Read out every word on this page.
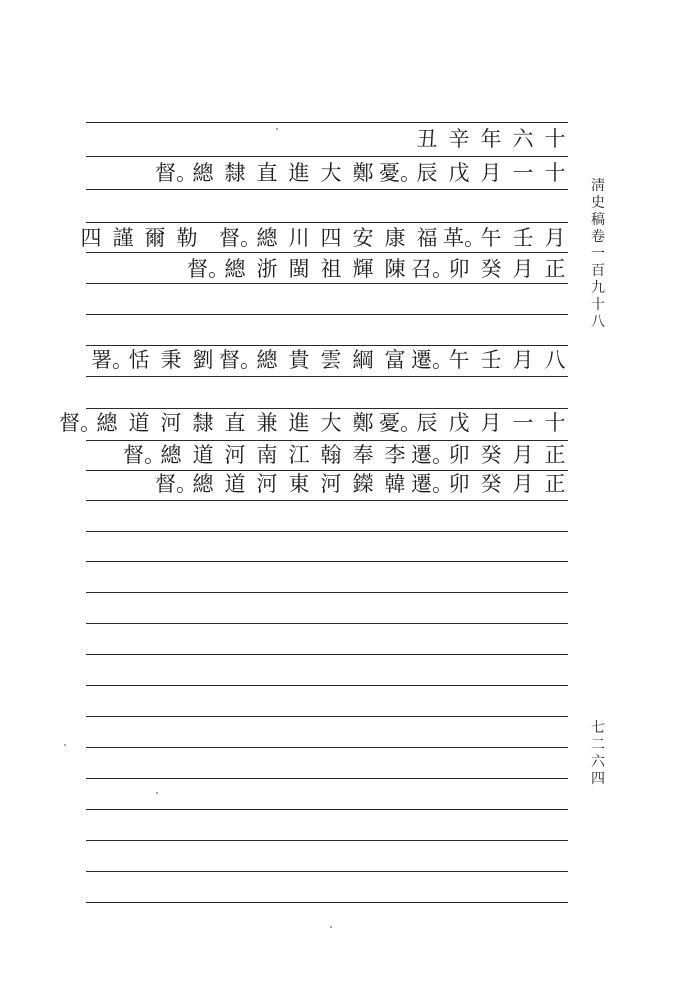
十
六
年
辛
丑
十
一
月
戊
辰
憂。
鄭
大
進
直
隸
總
督。
月
壬
午
革。
福
康
安
四
川
總
督。
勒
爾
謹
四
正
月
癸
卯
召。
陳
輝
祖
閩
浙
總
督。
八
月
壬
午
遷。
富
綱
雲
貴
總
督。
劉
秉
恬
署。
十
一
月
戊
辰
憂。
鄭
大
進
兼
直
隸
河
道
總
督。
正
月
癸
卯
遷。
李
奉
翰
江
南
河
道
總
督。
正
月
癸
卯
遷。
韓
鑅
河
東
河
道
總
督。
淸
史
稿
卷
一
百
九
十
八
七
二
六
四
